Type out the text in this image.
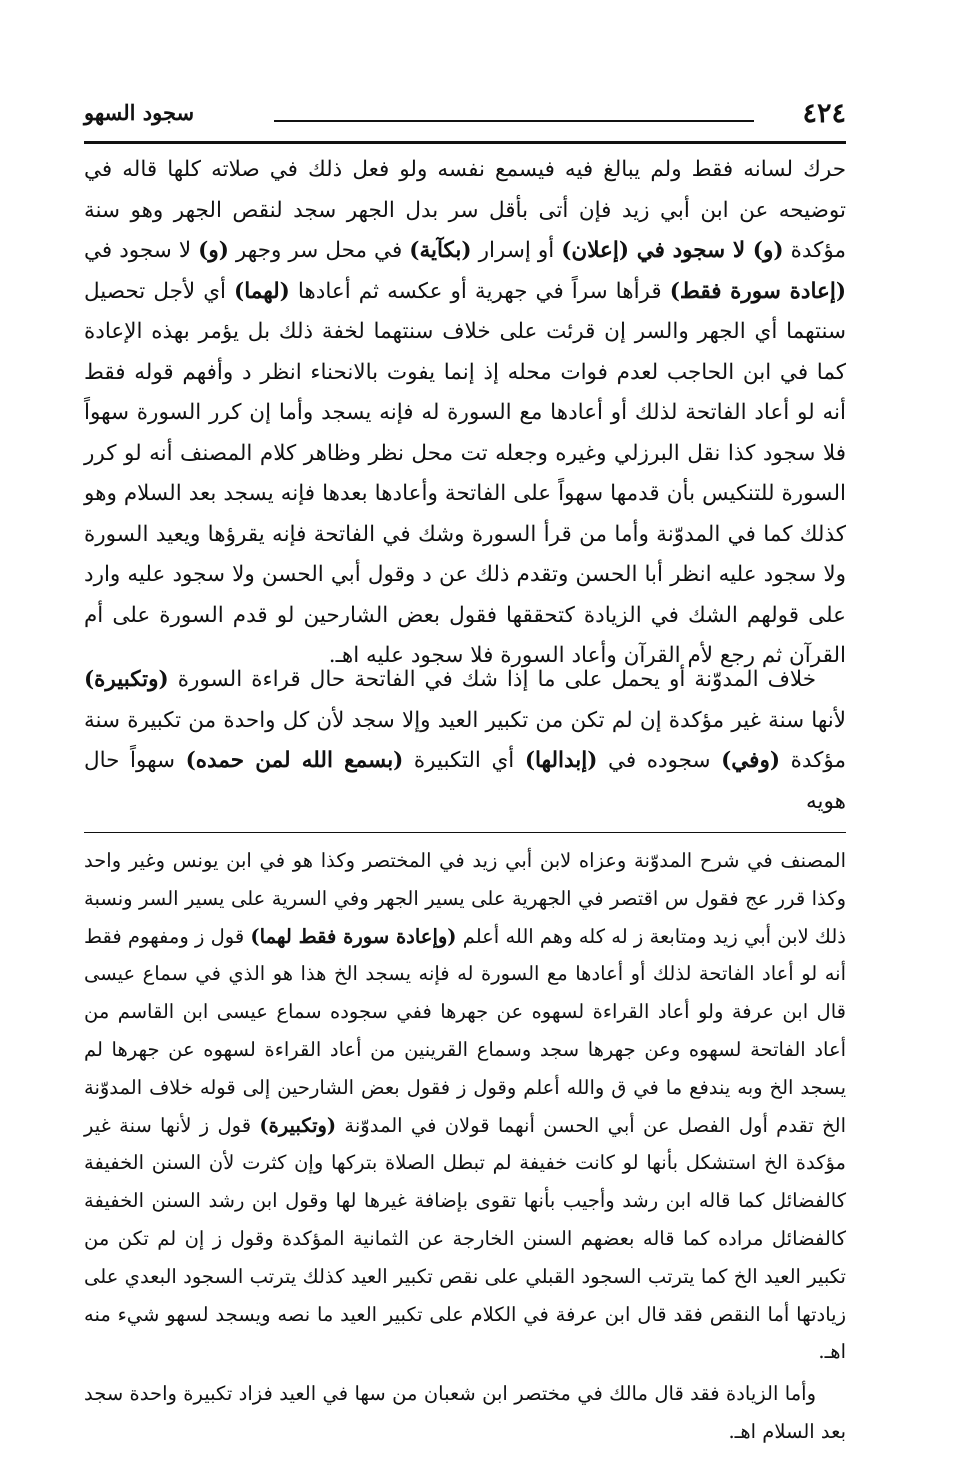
٤٢٤
سجود السهو

حرك لسانه فقط ولم يبالغ فيه فيسمع نفسه ولو فعل ذلك في صلاته كلها قاله في توضيحه عن ابن أبي زيد فإن أتى بأقل سر بدل الجهر سجد لنقص الجهر وهو سنة مؤكدة (و) لا سجود في (إعلان) أو إسرار (بكآية) في محل سر وجهر (و) لا سجود في (إعادة سورة فقط) قرأها سراً في جهرية أو عكسه ثم أعادها (لهما) أي لأجل تحصيل سنتهما أي الجهر والسر إن قرئت على خلاف سنتهما لخفة ذلك بل يؤمر بهذه الإعادة كما في ابن الحاجب لعدم فوات محله إذ إنما يفوت بالانحناء انظر د وأفهم قوله فقط أنه لو أعاد الفاتحة لذلك أو أعادها مع السورة له فإنه يسجد وأما إن كرر السورة سهواً فلا سجود كذا نقل البرزلي وغيره وجعله تت محل نظر وظاهر كلام المصنف أنه لو كرر السورة للتنكيس بأن قدمها سهواً على الفاتحة وأعادها بعدها فإنه يسجد بعد السلام وهو كذلك كما في المدوّنة وأما من قرأ السورة وشك في الفاتحة فإنه يقرؤها ويعيد السورة ولا سجود عليه انظر أبا الحسن وتقدم ذلك عن د وقول أبي الحسن ولا سجود عليه وارد على قولهم الشك في الزيادة كتحققها فقول بعض الشارحين لو قدم السورة على أم القرآن ثم رجع لأم القرآن وأعاد السورة فلا سجود عليه اهـ.

خلاف المدوّنة أو يحمل على ما إذا شك في الفاتحة حال قراءة السورة (وتكبيرة) لأنها سنة غير مؤكدة إن لم تكن من تكبير العيد وإلا سجد لأن كل واحدة من تكبيرة سنة مؤكدة (وفي) سجوده في (إبدالها) أي التكبيرة (بسمع الله لمن حمده) سهواً حال هويه

المصنف في شرح المدوّنة وعزاه لابن أبي زيد في المختصر وكذا هو في ابن يونس وغير واحد وكذا قرر عج فقول س اقتصر في الجهرية على يسير الجهر وفي السرية على يسير السر ونسبة ذلك لابن أبي زيد ومتابعة ز له كله وهم الله أعلم (وإعادة سورة فقط لهما) قول ز ومفهوم فقط أنه لو أعاد الفاتحة لذلك أو أعادها مع السورة له فإنه يسجد الخ هذا هو الذي في سماع عيسى قال ابن عرفة ولو أعاد القراءة لسهوه عن جهرها ففي سجوده سماع عيسى ابن القاسم من أعاد الفاتحة لسهوه وعن جهرها سجد وسماع القرينين من أعاد القراءة لسهوه عن جهرها لم يسجد الخ وبه يندفع ما في ق والله أعلم وقول ز فقول بعض الشارحين إلى قوله خلاف المدوّنة الخ تقدم أول الفصل عن أبي الحسن أنهما قولان في المدوّنة (وتكبيرة) قول ز لأنها سنة غير مؤكدة الخ استشكل بأنها لو كانت خفيفة لم تبطل الصلاة بتركها وإن كثرت لأن السنن الخفيفة كالفضائل كما قاله ابن رشد وأجيب بأنها تقوى بإضافة غيرها لها وقول ابن رشد السنن الخفيفة كالفضائل مراده كما قاله بعضهم السنن الخارجة عن الثمانية المؤكدة وقول ز إن لم تكن من تكبير العيد الخ كما يترتب السجود القبلي على نقص تكبير العيد كذلك يترتب السجود البعدي على زيادتها أما النقص فقد قال ابن عرفة في الكلام على تكبير العيد ما نصه ويسجد لسهو شيء منه اهـ.

وأما الزيادة فقد قال مالك في مختصر ابن شعبان من سها في العيد فزاد تكبيرة واحدة سجد بعد السلام اهـ.
